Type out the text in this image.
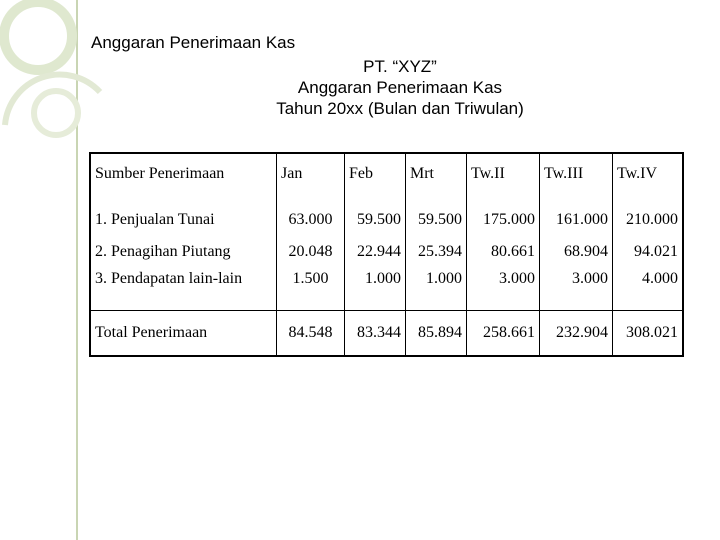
Anggaran Penerimaan Kas
PT. “XYZ”
Anggaran Penerimaan Kas
Tahun 20xx (Bulan dan Triwulan)
Sumber Penerimaan	Jan	Feb	Mrt	Tw.II	Tw.III	Tw.IV
1. Penjualan Tunai	63.000	59.500	59.500	175.000	161.000	210.000
2. Penagihan Piutang	20.048	22.944	25.394	80.661	68.904	94.021
3. Pendapatan lain-lain	1.500	1.000	1.000	3.000	3.000	4.000
Total Penerimaan	84.548	83.344	85.894	258.661	232.904	308.021
